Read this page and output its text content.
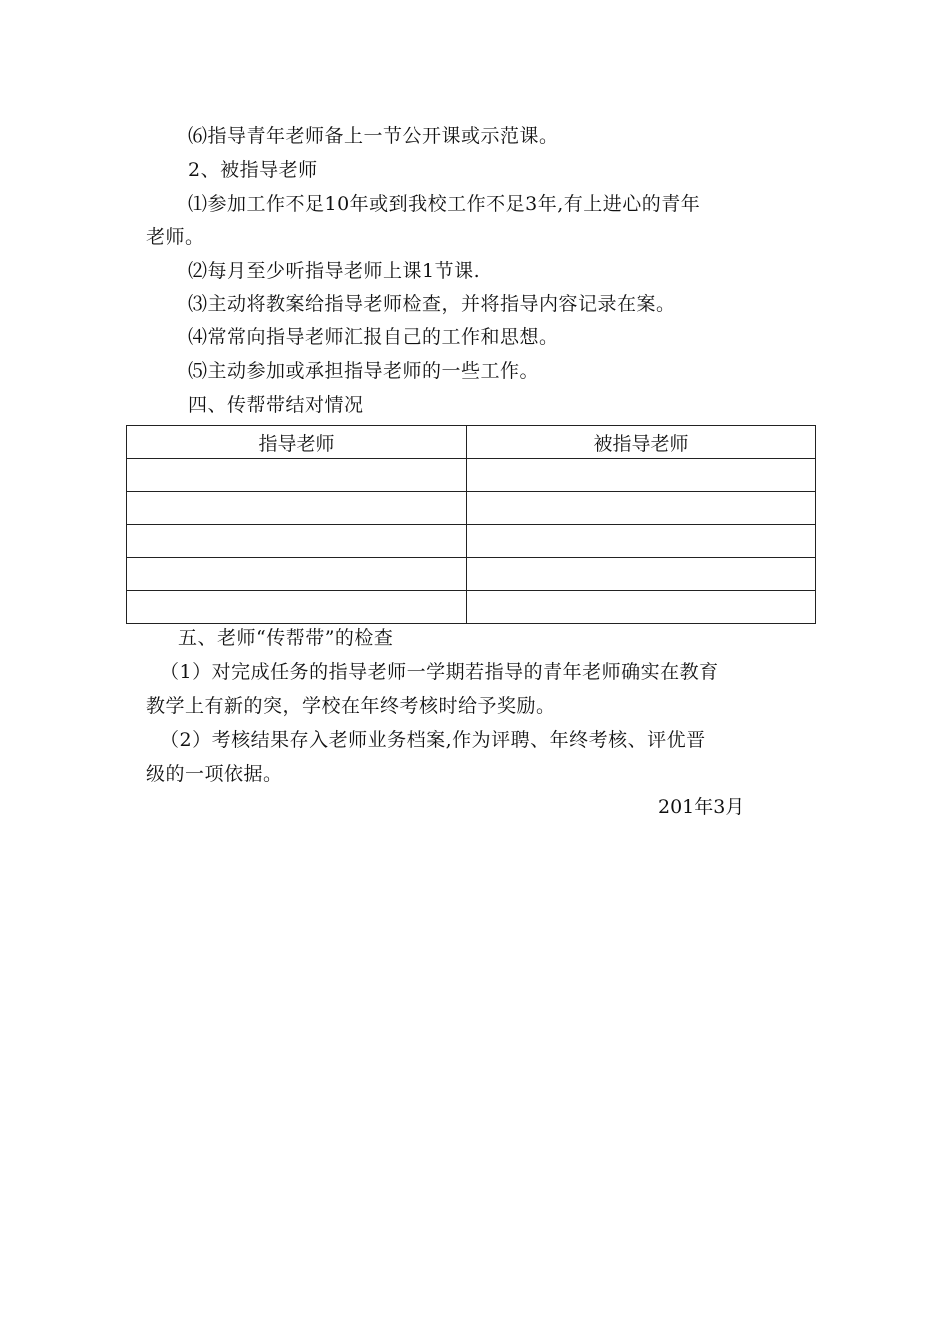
⑹指导青年老师备上一节公开课或示范课。
2、被指导老师
⑴参加工作不足10年或到我校工作不足3年,有上进心的青年
老师。
⑵每月至少听指导老师上课1节课.
⑶主动将教案给指导老师检查，并将指导内容记录在案。
⑷常常向指导老师汇报自己的工作和思想。
⑸主动参加或承担指导老师的一些工作。
四、传帮带结对情况
指导老师	被指导老师

五、老师“传帮带”的检查
（1）对完成任务的指导老师一学期若指导的青年老师确实在教育
教学上有新的突，学校在年终考核时给予奖励。
（2）考核结果存入老师业务档案,作为评聘、年终考核、评优晋
级的一项依据。
201年3月
